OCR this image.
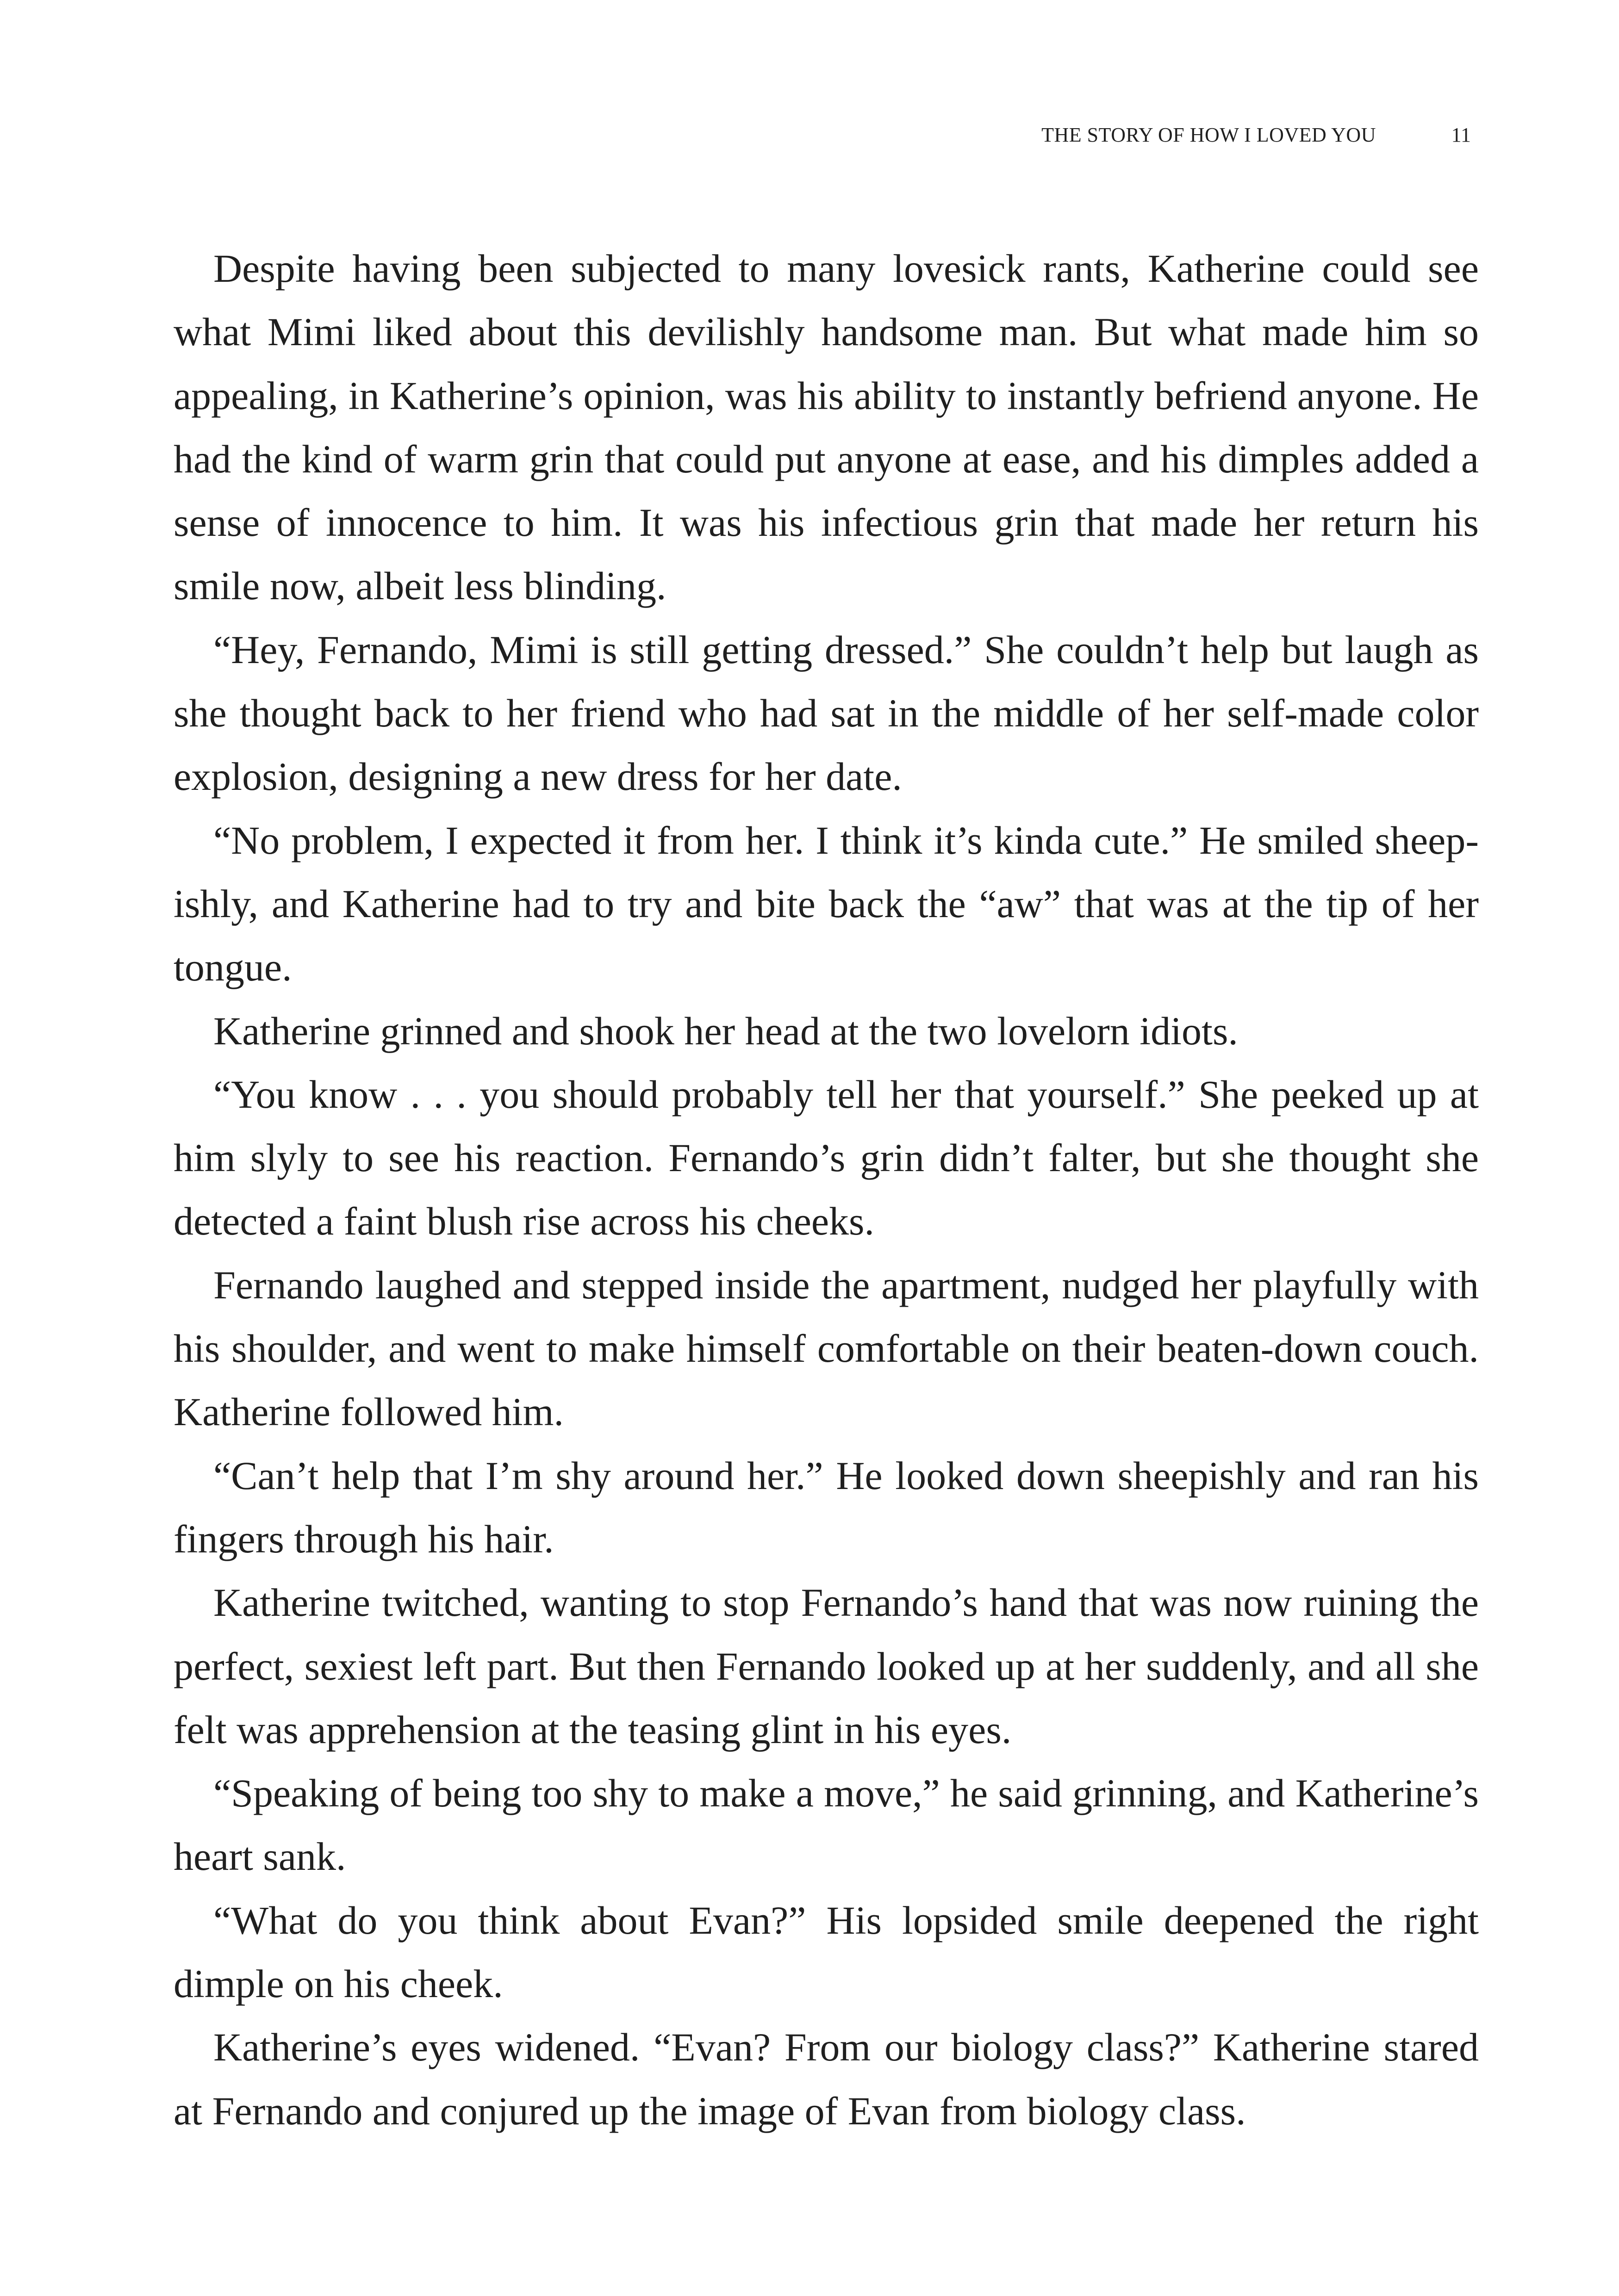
THE STORY OF HOW I LOVED YOU	11

Despite having been subjected to many lovesick rants, Katherine could see what Mimi liked about this devilishly handsome man. But what made him so appealing, in Katherine’s opinion, was his ability to instantly befriend anyone. He had the kind of warm grin that could put anyone at ease, and his dimples added a sense of innocence to him. It was his infectious grin that made her return his smile now, albeit less blinding.

“Hey, Fernando, Mimi is still getting dressed.” She couldn’t help but laugh as she thought back to her friend who had sat in the middle of her self-made color explosion, designing a new dress for her date.

“No problem, I expected it from her. I think it’s kinda cute.” He smiled sheepishly, and Katherine had to try and bite back the “aw” that was at the tip of her tongue.

Katherine grinned and shook her head at the two lovelorn idiots.

“You know . . . you should probably tell her that yourself.” She peeked up at him slyly to see his reaction. Fernando’s grin didn’t falter, but she thought she detected a faint blush rise across his cheeks.

Fernando laughed and stepped inside the apartment, nudged her playfully with his shoulder, and went to make himself comfortable on their beaten-down couch. Katherine followed him.

“Can’t help that I’m shy around her.” He looked down sheepishly and ran his fingers through his hair.

Katherine twitched, wanting to stop Fernando’s hand that was now ruining the perfect, sexiest left part. But then Fernando looked up at her suddenly, and all she felt was apprehension at the teasing glint in his eyes.

“Speaking of being too shy to make a move,” he said grinning, and Katherine’s heart sank.

“What do you think about Evan?” His lopsided smile deepened the right dimple on his cheek.

Katherine’s eyes widened. “Evan? From our biology class?” Katherine stared at Fernando and conjured up the image of Evan from biology class.
